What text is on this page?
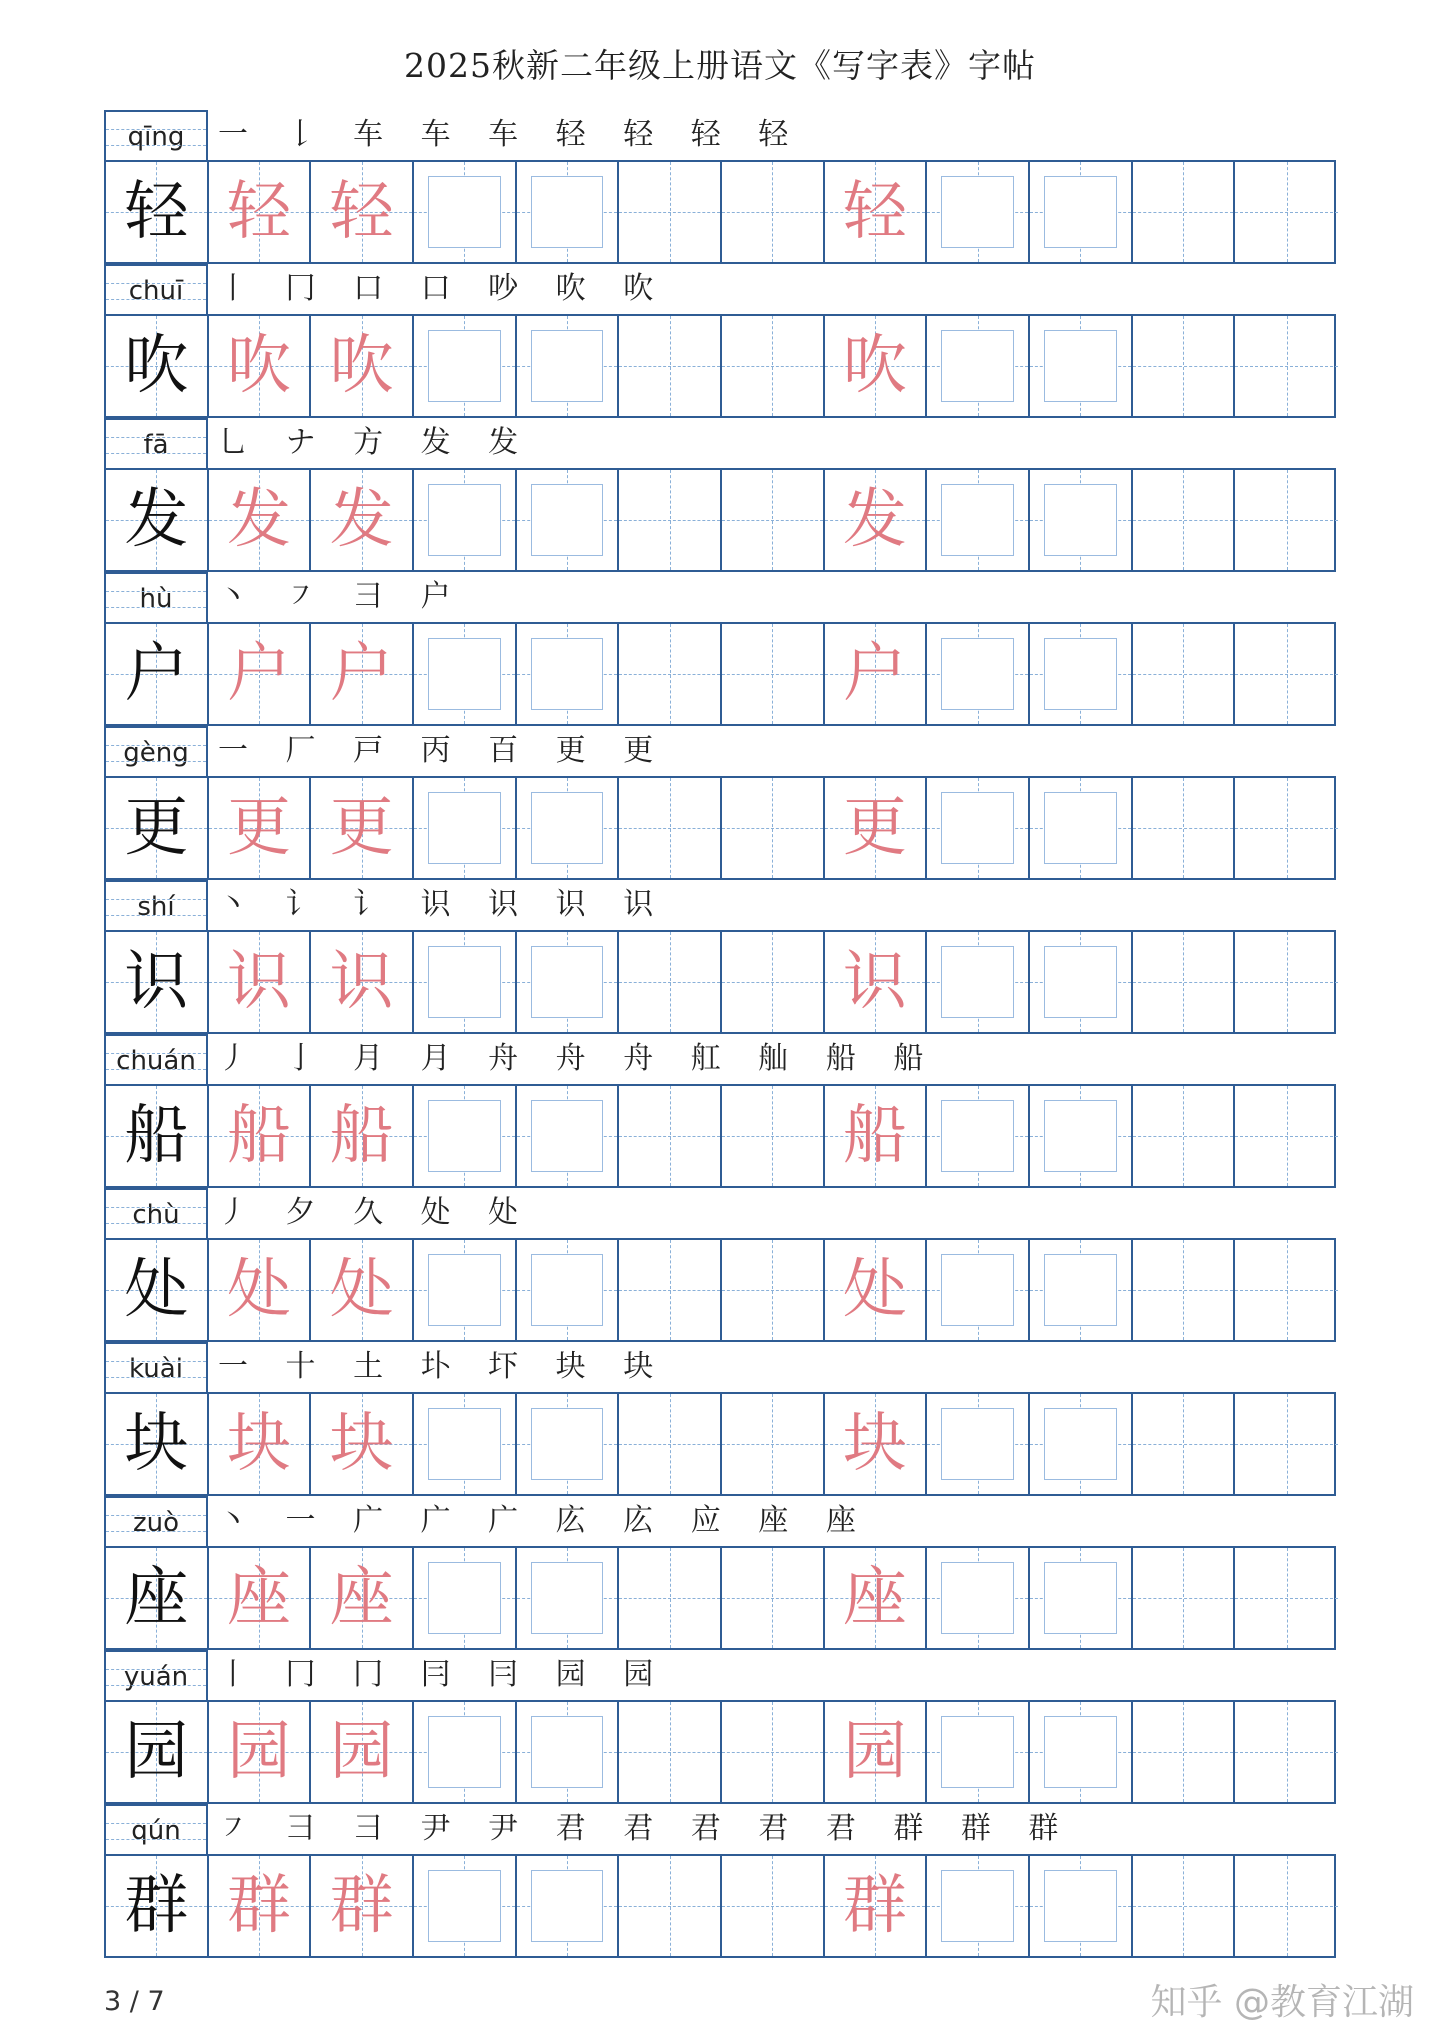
2025秋新二年级上册语文《写字表》字帖
qīng	一 𠄌 车 车 车 轻 轻 轻 轻
轻 轻 轻	轻
chuī	丨 冂 口 口 吵 吹 吹
吹 吹 吹	吹
fā	乚 ナ 方 发 发
发 发 发	发
hù	丶 ㇇ 彐 户
户 户 户	户
gèng 一 厂 戸 丙 百 更 更
更 更 更	更
shí	丶 讠 讠 识 识 识 识
识 识 识	识
chuán 丿 亅 月 月 舟 舟 舟 舡 舢 船 船
船 船 船	船
chù	丿 夕 久 处 处
处 处 处	处
kuài	一 十 土 圤 圷 块 块
块 块 块	块
zuò	丶 一 广 广 广 庅 庅 应 座 座
座 座 座	座
yuán 丨 冂 冂 冃 冃 园 园
园 园 园	园
qún	㇇ 彐 彐 尹 尹 君 君 君 君 君 群 群 群
群 群 群	群
3 / 7	知乎 @教育江湖
